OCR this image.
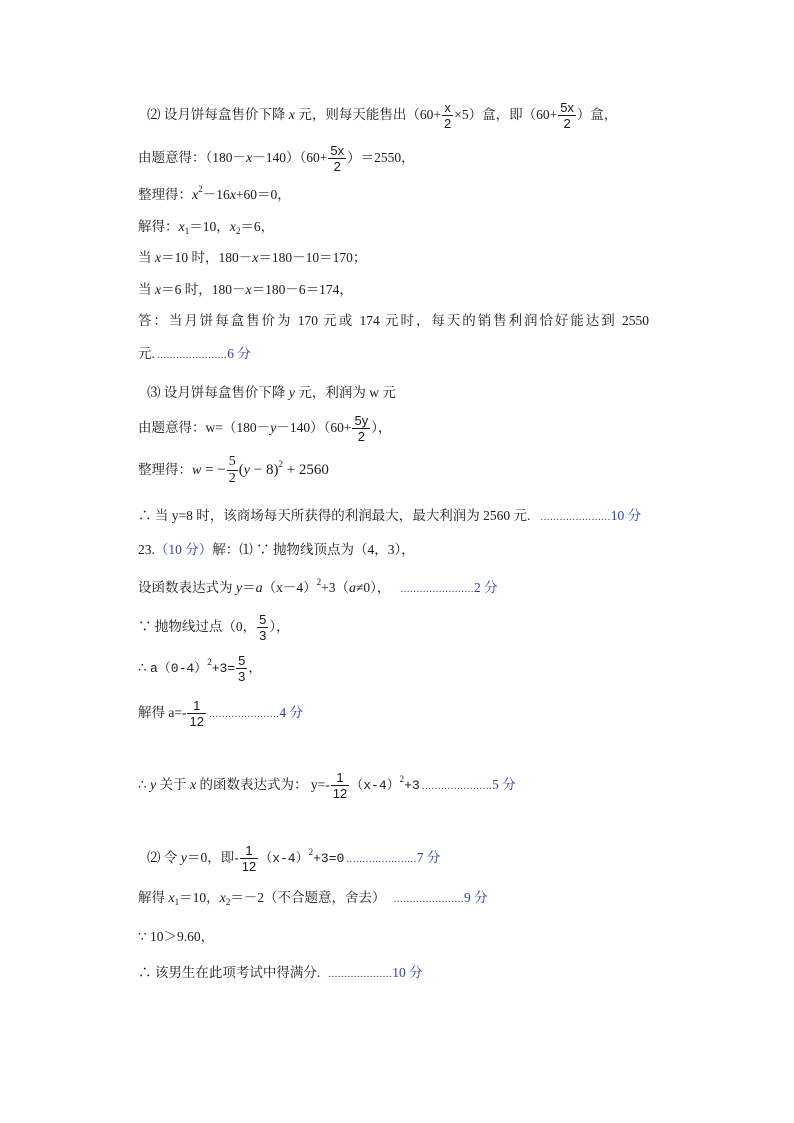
⑵ 设月饼每盒售价下降 x 元，则每天能售出$(60+ \frac{x}{2} \times 5)$盒，即（$60+ \frac{5x}{2}$ ）盒，
由题意得：$(180-x-140)(60+ \frac{5x}{2} )=2550$，
整理得：$x^2-16x+60=0$，
解得：$x_1=10$，$x_2=6$，
当 x＝10 时，180－x＝180－10＝170；
当 x＝6 时，180－x＝180－6＝174，
答：当月饼每盒售价为 170 元或 174 元时，每天的销售利润恰好能达到 2550
元. ......................6 分
⑶ 设月饼每盒售价下降 y 元，利润为 w 元
由题意得：$w=(180-y-140)(60+ \frac{5y}{2}$ ），
整理得：w = − $\frac{5}{2} (y - 8)^2 + 2560$
∴ 当 y=8 时，该商场每天所获得的利润最大，最大利润为 2560 元. ......................10 分
23.（10 分）解：⑴ ∵ 抛物线顶点为（4，3），
设函数表达式为 $y=a(x-4)^2+3(a\ne 0)$， .......................2 分
∵ 抛物线过点（0， $\frac{5}{3}$ ），
∴ $a(0-4)^2+3= \frac{5}{3}$ ，
解得 $a=- \frac{1}{12} ......................4$ 分
∴ y 关于 x 的函数表达式为： $y=- \frac{1}{12} (x-4)^2+3$ ......................5 分
⑵ 令 y＝0，即- $\frac{1}{12} (x-4)^2+3=0$ ......................7 分
解得 $x_1=10$，$x_2=-2$（不合题意，舍去） ......................9 分
∵ 10＞9.60，
∴ 该男生在此项考试中得满分. ....................10 分
